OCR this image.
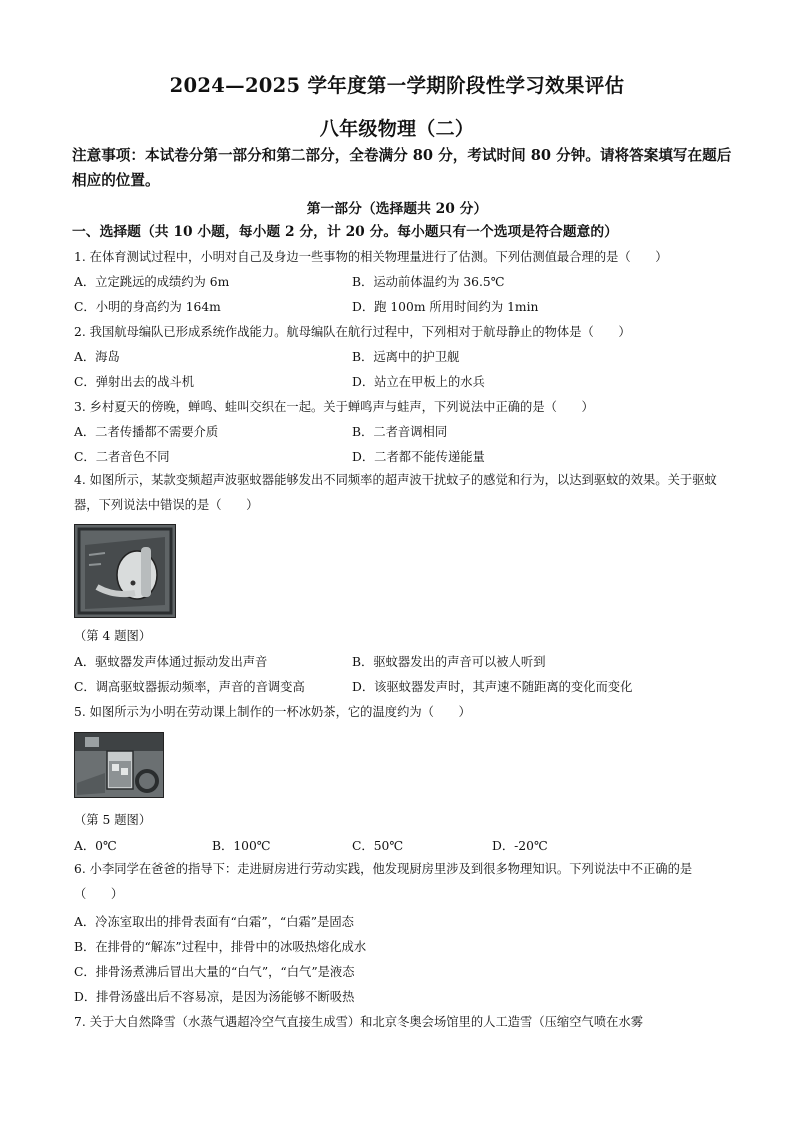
2024—2025 学年度第一学期阶段性学习效果评估
八年级物理（二）
注意事项：本试卷分第一部分和第二部分，全卷满分 80 分，考试时间 80 分钟。请将答案填写在题后相应的位置。
第一部分（选择题共 20 分）
一、选择题（共 10 小题，每小题 2 分，计 20 分。每小题只有一个选项是符合题意的）
1. 在体育测试过程中，小明对自己及身边一些事物的相关物理量进行了估测。下列估测值最合理的是（　　）
A．立定跳远的成绩约为 6m	B．运动前体温约为 36.5℃
C．小明的身高约为 164m	D．跑 100m 所用时间约为 1min
2. 我国航母编队已形成系统作战能力。航母编队在航行过程中，下列相对于航母静止的物体是（　　）
A．海岛	B．远离中的护卫舰
C．弹射出去的战斗机	D．站立在甲板上的水兵
3. 乡村夏天的傍晚，蝉鸣、蛙叫交织在一起。关于蝉鸣声与蛙声，下列说法中正确的是（　　）
A．二者传播都不需要介质	B．二者音调相同
C．二者音色不同	D．二者都不能传递能量
4. 如图所示，某款变频超声波驱蚊器能够发出不同频率的超声波干扰蚊子的感觉和行为，以达到驱蚊的效果。关于驱蚊器，下列说法中错误的是（　　）
（第 4 题图）
A．驱蚊器发声体通过振动发出声音	B．驱蚊器发出的声音可以被人听到
C．调高驱蚊器振动频率，声音的音调变高	D．该驱蚊器发声时，其声速不随距离的变化而变化
5. 如图所示为小明在劳动课上制作的一杯冰奶茶，它的温度约为（　　）
（第 5 题图）
A．0℃	B．100℃	C．50℃	D．-20℃
6. 小李同学在爸爸的指导下：走进厨房进行劳动实践，他发现厨房里涉及到很多物理知识。下列说法中不正确的是（　　）
A．冷冻室取出的排骨表面有“白霜”，“白霜”是固态
B．在排骨的“解冻”过程中，排骨中的冰吸热熔化成水
C．排骨汤煮沸后冒出大量的“白气”，“白气”是液态
D．排骨汤盛出后不容易凉，是因为汤能够不断吸热
7. 关于大自然降雪（水蒸气遇超冷空气直接生成雪）和北京冬奥会场馆里的人工造雪（压缩空气喷在水雾
